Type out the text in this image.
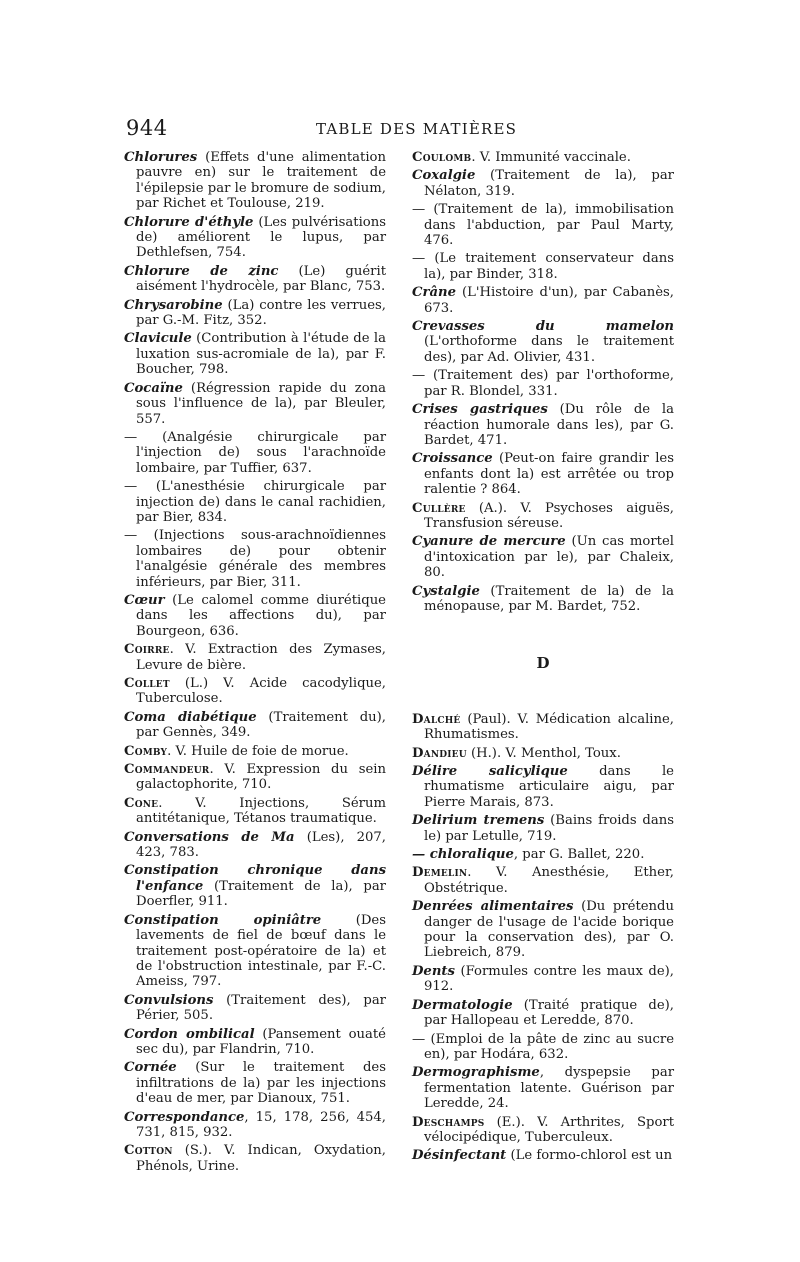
944	TABLE DES MATIÈRES
Chlorures (Effets d'une alimentation pauvre en) sur le traitement de l'épilepsie par le bromure de sodium, par Richet et Toulouse, 219.
Chlorure d'éthyle (Les pulvérisations de) améliorent le lupus, par Dethlefsen, 754.
Chlorure de zinc (Le) guérit aisément l'hydrocèle, par Blanc, 753.
Chrysarobine (La) contre les verrues, par G.-M. Fitz, 352.
Clavicule (Contribution à l'étude de la luxation sus-acromiale de la), par F. Boucher, 798.
Cocaïne (Régression rapide du zona sous l'influence de la), par Bleuler, 557.
— (Analgésie chirurgicale par l'injection de) sous l'arachnoïde lombaire, par Tuffier, 637.
— (L'anesthésie chirurgicale par injection de) dans le canal rachidien, par Bier, 834.
— (Injections sous-arachnoïdiennes lombaires de) pour obtenir l'analgésie générale des membres inférieurs, par Bier, 311.
Cœur (Le calomel comme diurétique dans les affections du), par Bourgeon, 636.
Coirre. V. Extraction des Zymases, Levure de bière.
Collet (L.) V. Acide cacodylique, Tuberculose.
Coma diabétique (Traitement du), par Gennès, 349.
Comby. V. Huile de foie de morue.
Commandeur. V. Expression du sein galactophorite, 710.
Cone. V. Injections, Sérum antitétanique, Tétanos traumatique.
Conversations de Ma (Les), 207, 423, 783.
Constipation chronique dans l'enfance (Traitement de la), par Doerfler, 911.
Constipation opiniâtre (Des lavements de fiel de bœuf dans le traitement post-opératoire de la) et de l'obstruction intestinale, par F.-C. Ameiss, 797.
Convulsions (Traitement des), par Périer, 505.
Cordon ombilical (Pansement ouaté sec du), par Flandrin, 710.
Cornée (Sur le traitement des infiltrations de la) par les injections d'eau de mer, par Dianoux, 751.
Correspondance, 15, 178, 256, 454, 731, 815, 932.
Cotton (S.). V. Indican, Oxydation, Phénols, Urine.
Coulomb. V. Immunité vaccinale.
Coxalgie (Traitement de la), par Nélaton, 319.
— (Traitement de la), immobilisation dans l'abduction, par Paul Marty, 476.
— (Le traitement conservateur dans la), par Binder, 318.
Crâne (L'Histoire d'un), par Cabanès, 673.
Crevasses du mamelon (L'orthoforme dans le traitement des), par Ad. Olivier, 431.
— (Traitement des) par l'orthoforme, par R. Blondel, 331.
Crises gastriques (Du rôle de la réaction humorale dans les), par G. Bardet, 471.
Croissance (Peut-on faire grandir les enfants dont la) est arrêtée ou trop ralentie ? 864.
Cullère (A.). V. Psychoses aiguës, Transfusion séreuse.
Cyanure de mercure (Un cas mortel d'intoxication par le), par Chaleix, 80.
Cystalgie (Traitement de la) de la ménopause, par M. Bardet, 752.
D
Dalché (Paul). V. Médication alcaline, Rhumatismes.
Dandieu (H.). V. Menthol, Toux.
Délire salicylique dans le rhumatisme articulaire aigu, par Pierre Marais, 873.
Delirium tremens (Bains froids dans le) par Letulle, 719.
— chloralique, par G. Ballet, 220.
Demelin. V. Anesthésie, Ether, Obstétrique.
Denrées alimentaires (Du prétendu danger de l'usage de l'acide borique pour la conservation des), par O. Liebreich, 879.
Dents (Formules contre les maux de), 912.
Dermatologie (Traité pratique de), par Hallopeau et Leredde, 870.
— (Emploi de la pâte de zinc au sucre en), par Hodára, 632.
Dermographisme, dyspepsie par fermentation latente. Guérison par Leredde, 24.
Deschamps (E.). V. Arthrites, Sport vélocipédique, Tuberculeux.
Désinfectant (Le formo-chlorol est un
